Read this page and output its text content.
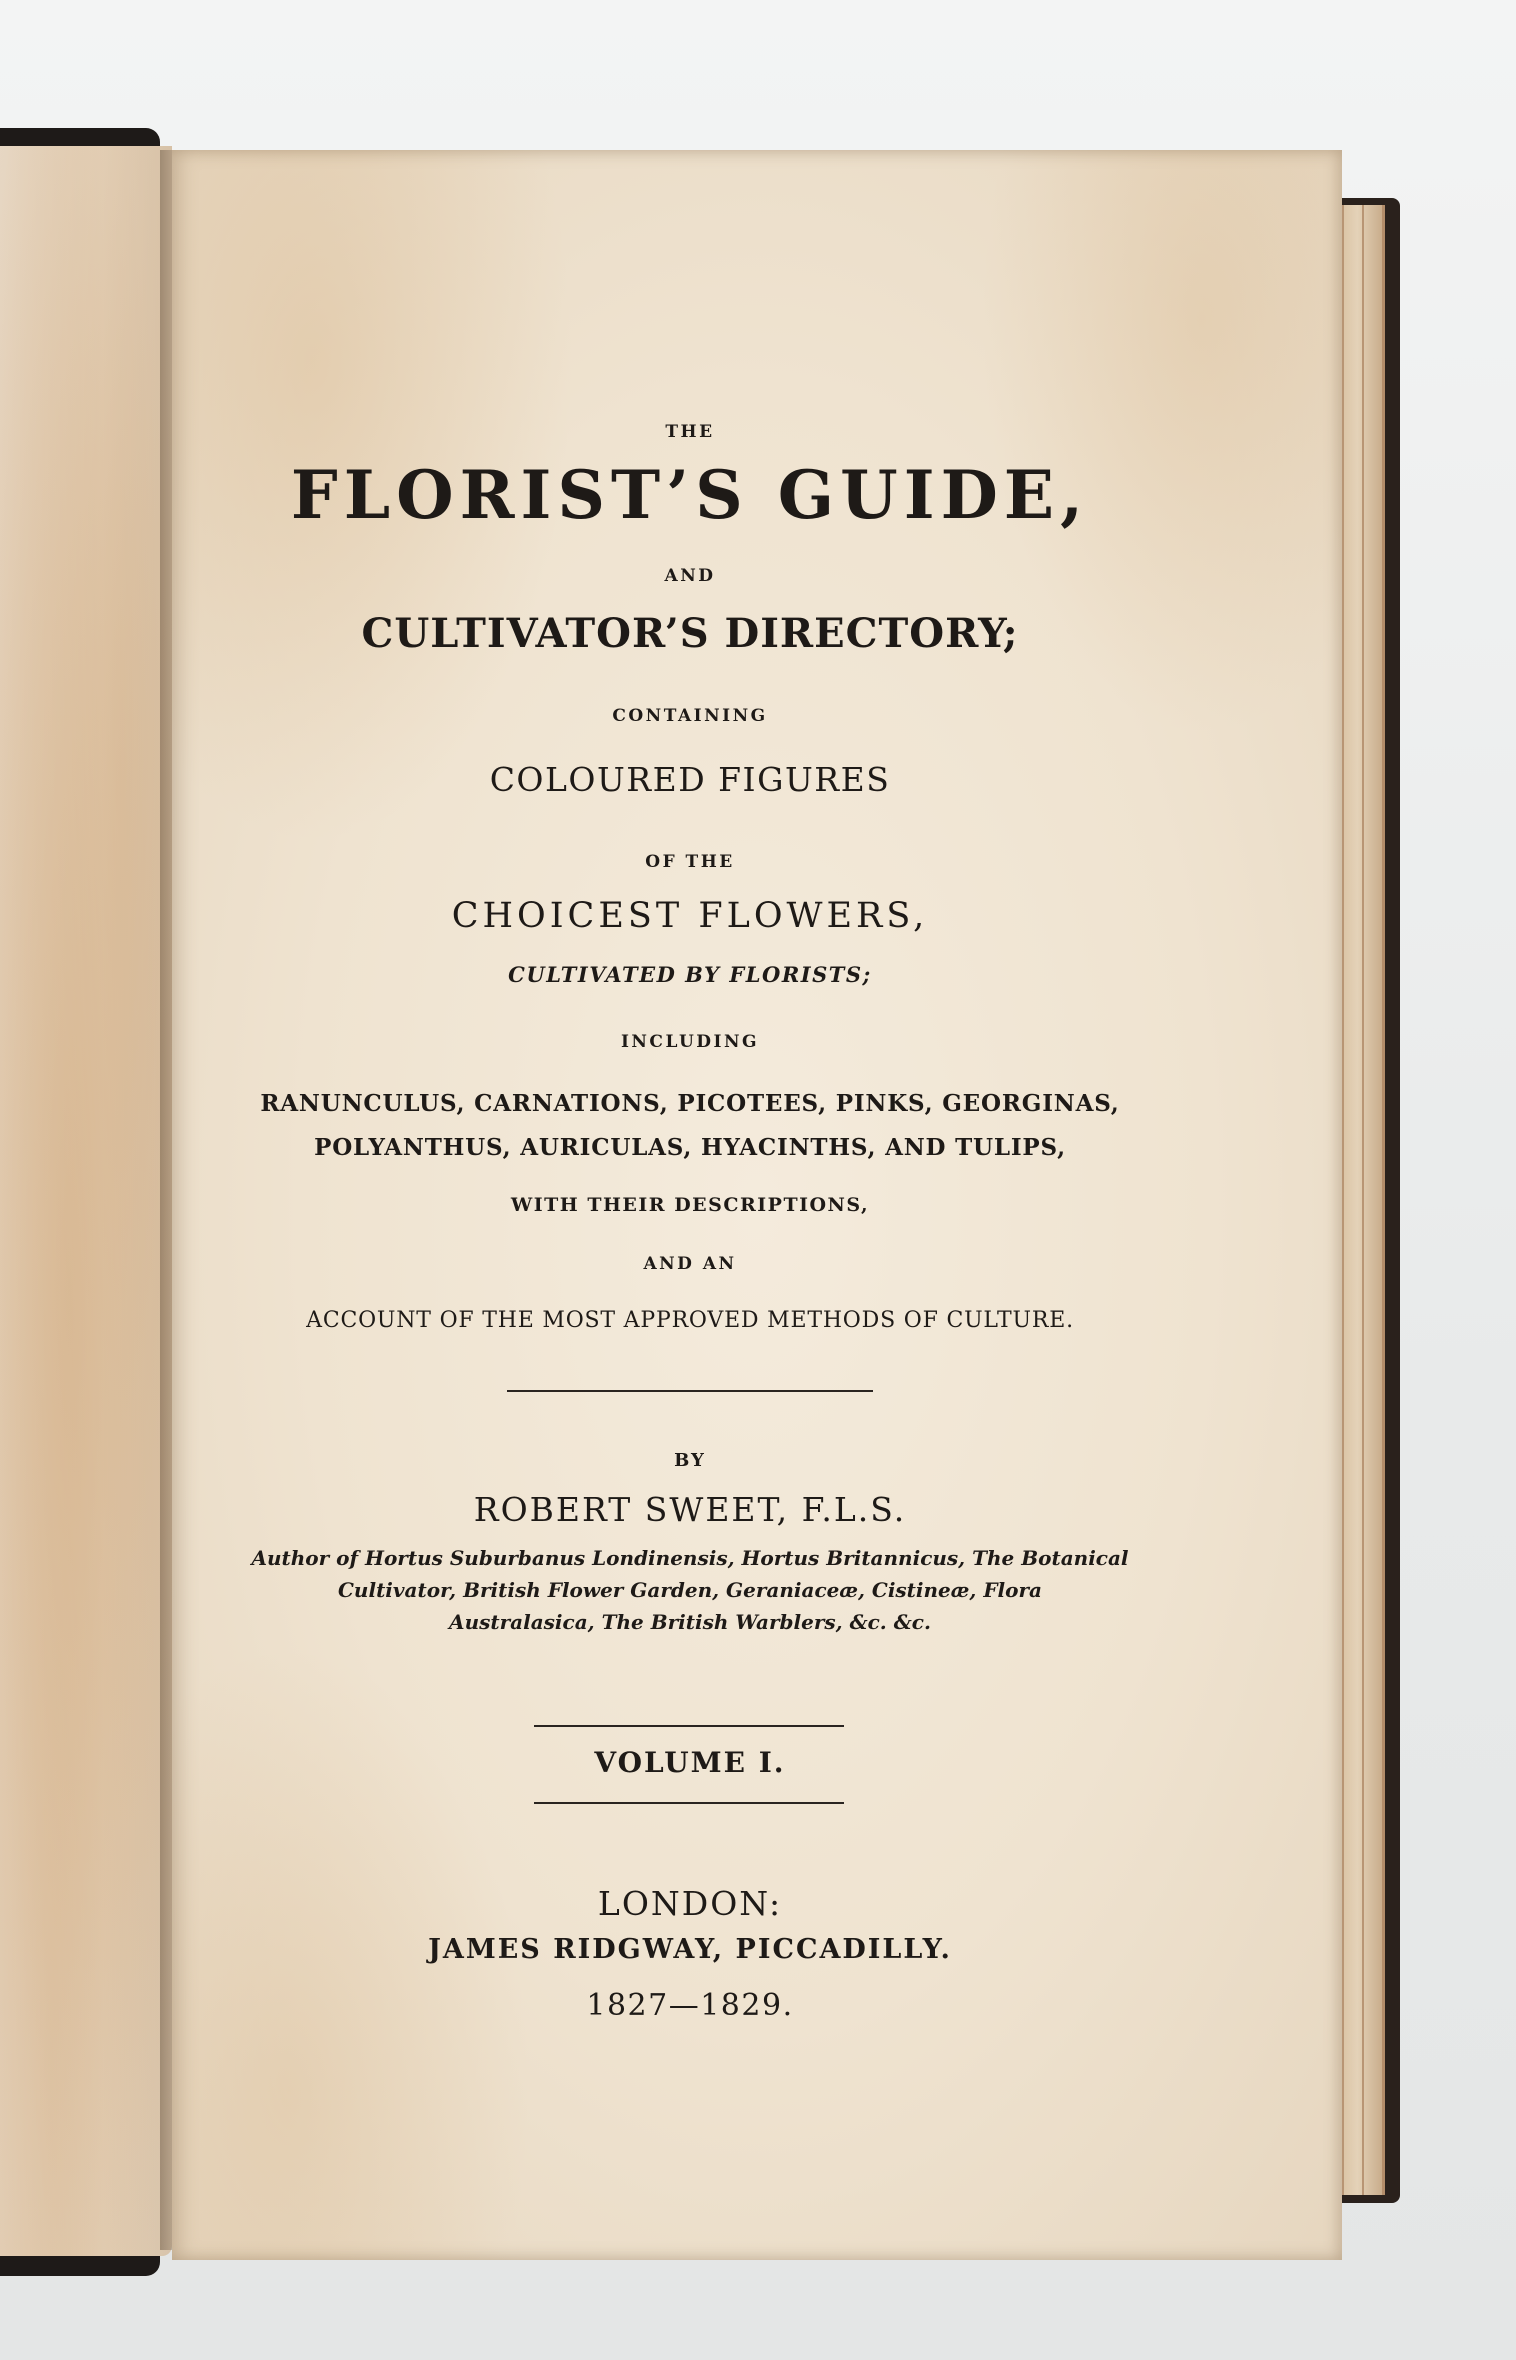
THE
FLORIST’S GUIDE,
AND
CULTIVATOR’S DIRECTORY;
CONTAINING
COLOURED FIGURES
OF THE
CHOICEST FLOWERS,
CULTIVATED BY FLORISTS;
INCLUDING
RANUNCULUS, CARNATIONS, PICOTEES, PINKS, GEORGINAS,
POLYANTHUS, AURICULAS, HYACINTHS, AND TULIPS,
WITH THEIR DESCRIPTIONS,
AND AN
ACCOUNT OF THE MOST APPROVED METHODS OF CULTURE.
BY
ROBERT SWEET, F.L.S.
Author of Hortus Suburbanus Londinensis, Hortus Britannicus, The Botanical
Cultivator, British Flower Garden, Geraniaceæ, Cistineæ, Flora
Australasica, The British Warblers, &c. &c.
VOLUME I.
LONDON:
JAMES RIDGWAY, PICCADILLY.
1827—1829.
